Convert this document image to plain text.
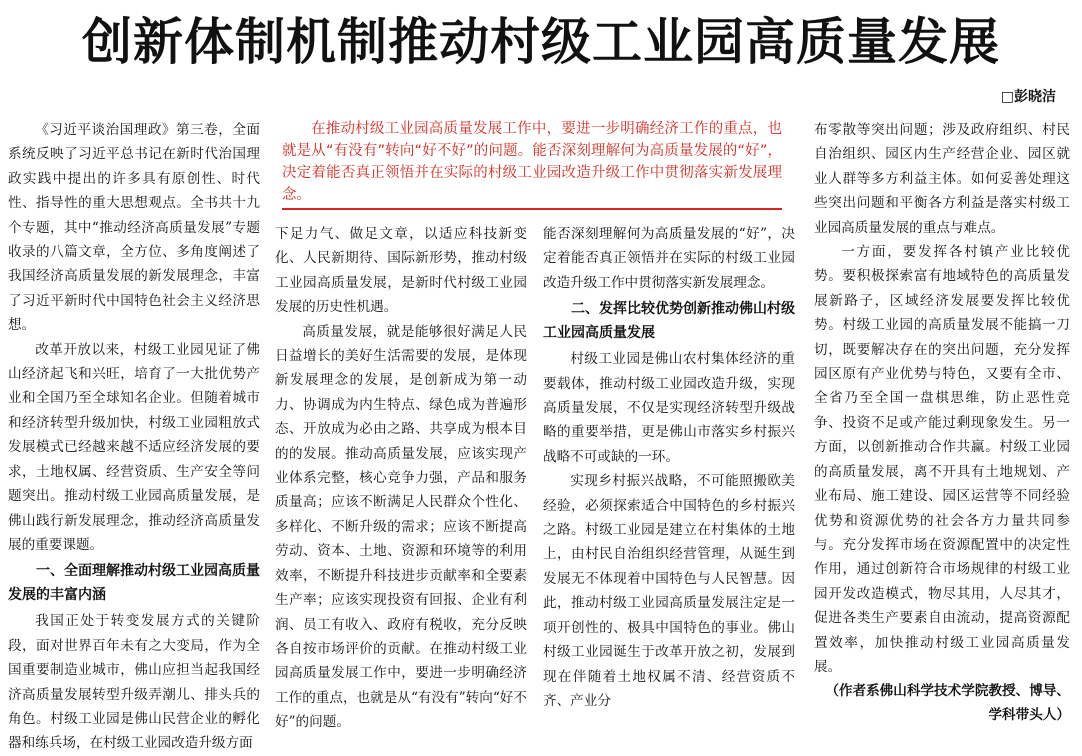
创新体制机制推动村级工业园高质量发展
□彭晓洁

《习近平谈治国理政》第三卷，全面系统反映了习近平总书记在新时代治国理政实践中提出的许多具有原创性、时代性、指导性的重大思想观点。全书共十九个专题，其中“推动经济高质量发展”专题收录的八篇文章，全方位、多角度阐述了我国经济高质量发展的新发展理念，丰富了习近平新时代中国特色社会主义经济思想。

改革开放以来，村级工业园见证了佛山经济起飞和兴旺，培育了一大批优势产业和全国乃至全球知名企业。但随着城市和经济转型升级加快，村级工业园粗放式发展模式已经越来越不适应经济发展的要求，土地权属、经营资质、生产安全等问题突出。推动村级工业园高质量发展，是佛山践行新发展理念，推动经济高质量发展的重要课题。

一、全面理解推动村级工业园高质量发展的丰富内涵

我国正处于转变发展方式的关键阶段，面对世界百年未有之大变局，作为全国重要制造业城市，佛山应担当起我国经济高质量发展转型升级弄潮儿、排头兵的角色。村级工业园是佛山民营企业的孵化器和练兵场，在村级工业园改造升级方面

在推动村级工业园高质量发展工作中，要进一步明确经济工作的重点，也就是从“有没有”转向“好不好”的问题。能否深刻理解何为高质量发展的“好”，决定着能否真正领悟并在实际的村级工业园改造升级工作中贯彻落实新发展理念。

下足力气、做足文章，以适应科技新变化、人民新期待、国际新形势，推动村级工业园高质量发展，是新时代村级工业园发展的历史性机遇。

高质量发展，就是能够很好满足人民日益增长的美好生活需要的发展，是体现新发展理念的发展，是创新成为第一动力、协调成为内生特点、绿色成为普遍形态、开放成为必由之路、共享成为根本目的的发展。推动高质量发展，应该实现产业体系完整，核心竞争力强，产品和服务质量高；应该不断满足人民群众个性化、多样化、不断升级的需求；应该不断提高劳动、资本、土地、资源和环境等的利用效率，不断提升科技进步贡献率和全要素生产率；应该实现投资有回报、企业有利润、员工有收入、政府有税收，充分反映各自按市场评价的贡献。在推动村级工业园高质量发展工作中，要进一步明确经济工作的重点，也就是从“有没有”转向“好不好”的问题。

能否深刻理解何为高质量发展的“好”，决定着能否真正领悟并在实际的村级工业园改造升级工作中贯彻落实新发展理念。

二、发挥比较优势创新推动佛山村级工业园高质量发展

村级工业园是佛山农村集体经济的重要载体，推动村级工业园改造升级，实现高质量发展，不仅是实现经济转型升级战略的重要举措，更是佛山市落实乡村振兴战略不可或缺的一环。

实现乡村振兴战略，不可能照搬欧美经验，必须探索适合中国特色的乡村振兴之路。村级工业园是建立在村集体的土地上，由村民自治组织经营管理，从诞生到发展无不体现着中国特色与人民智慧。因此，推动村级工业园高质量发展注定是一项开创性的、极具中国特色的事业。佛山村级工业园诞生于改革开放之初，发展到现在伴随着土地权属不清、经营资质不齐、产业分

布零散等突出问题；涉及政府组织、村民自治组织、园区内生产经营企业、园区就业人群等多方利益主体。如何妥善处理这些突出问题和平衡各方利益是落实村级工业园高质量发展的重点与难点。

一方面，要发挥各村镇产业比较优势。要积极探索富有地域特色的高质量发展新路子，区域经济发展要发挥比较优势。村级工业园的高质量发展不能搞一刀切，既要解决存在的突出问题，充分发挥园区原有产业优势与特色，又要有全市、全省乃至全国一盘棋思维，防止恶性竞争、投资不足或产能过剩现象发生。另一方面，以创新推动合作共赢。村级工业园的高质量发展，离不开具有土地规划、产业布局、施工建设、园区运营等不同经验优势和资源优势的社会各方力量共同参与。充分发挥市场在资源配置中的决定性作用，通过创新符合市场规律的村级工业园开发改造模式，物尽其用，人尽其才，促进各类生产要素自由流动，提高资源配置效率，加快推动村级工业园高质量发展。

（作者系佛山科学技术学院教授、博导、学科带头人）
